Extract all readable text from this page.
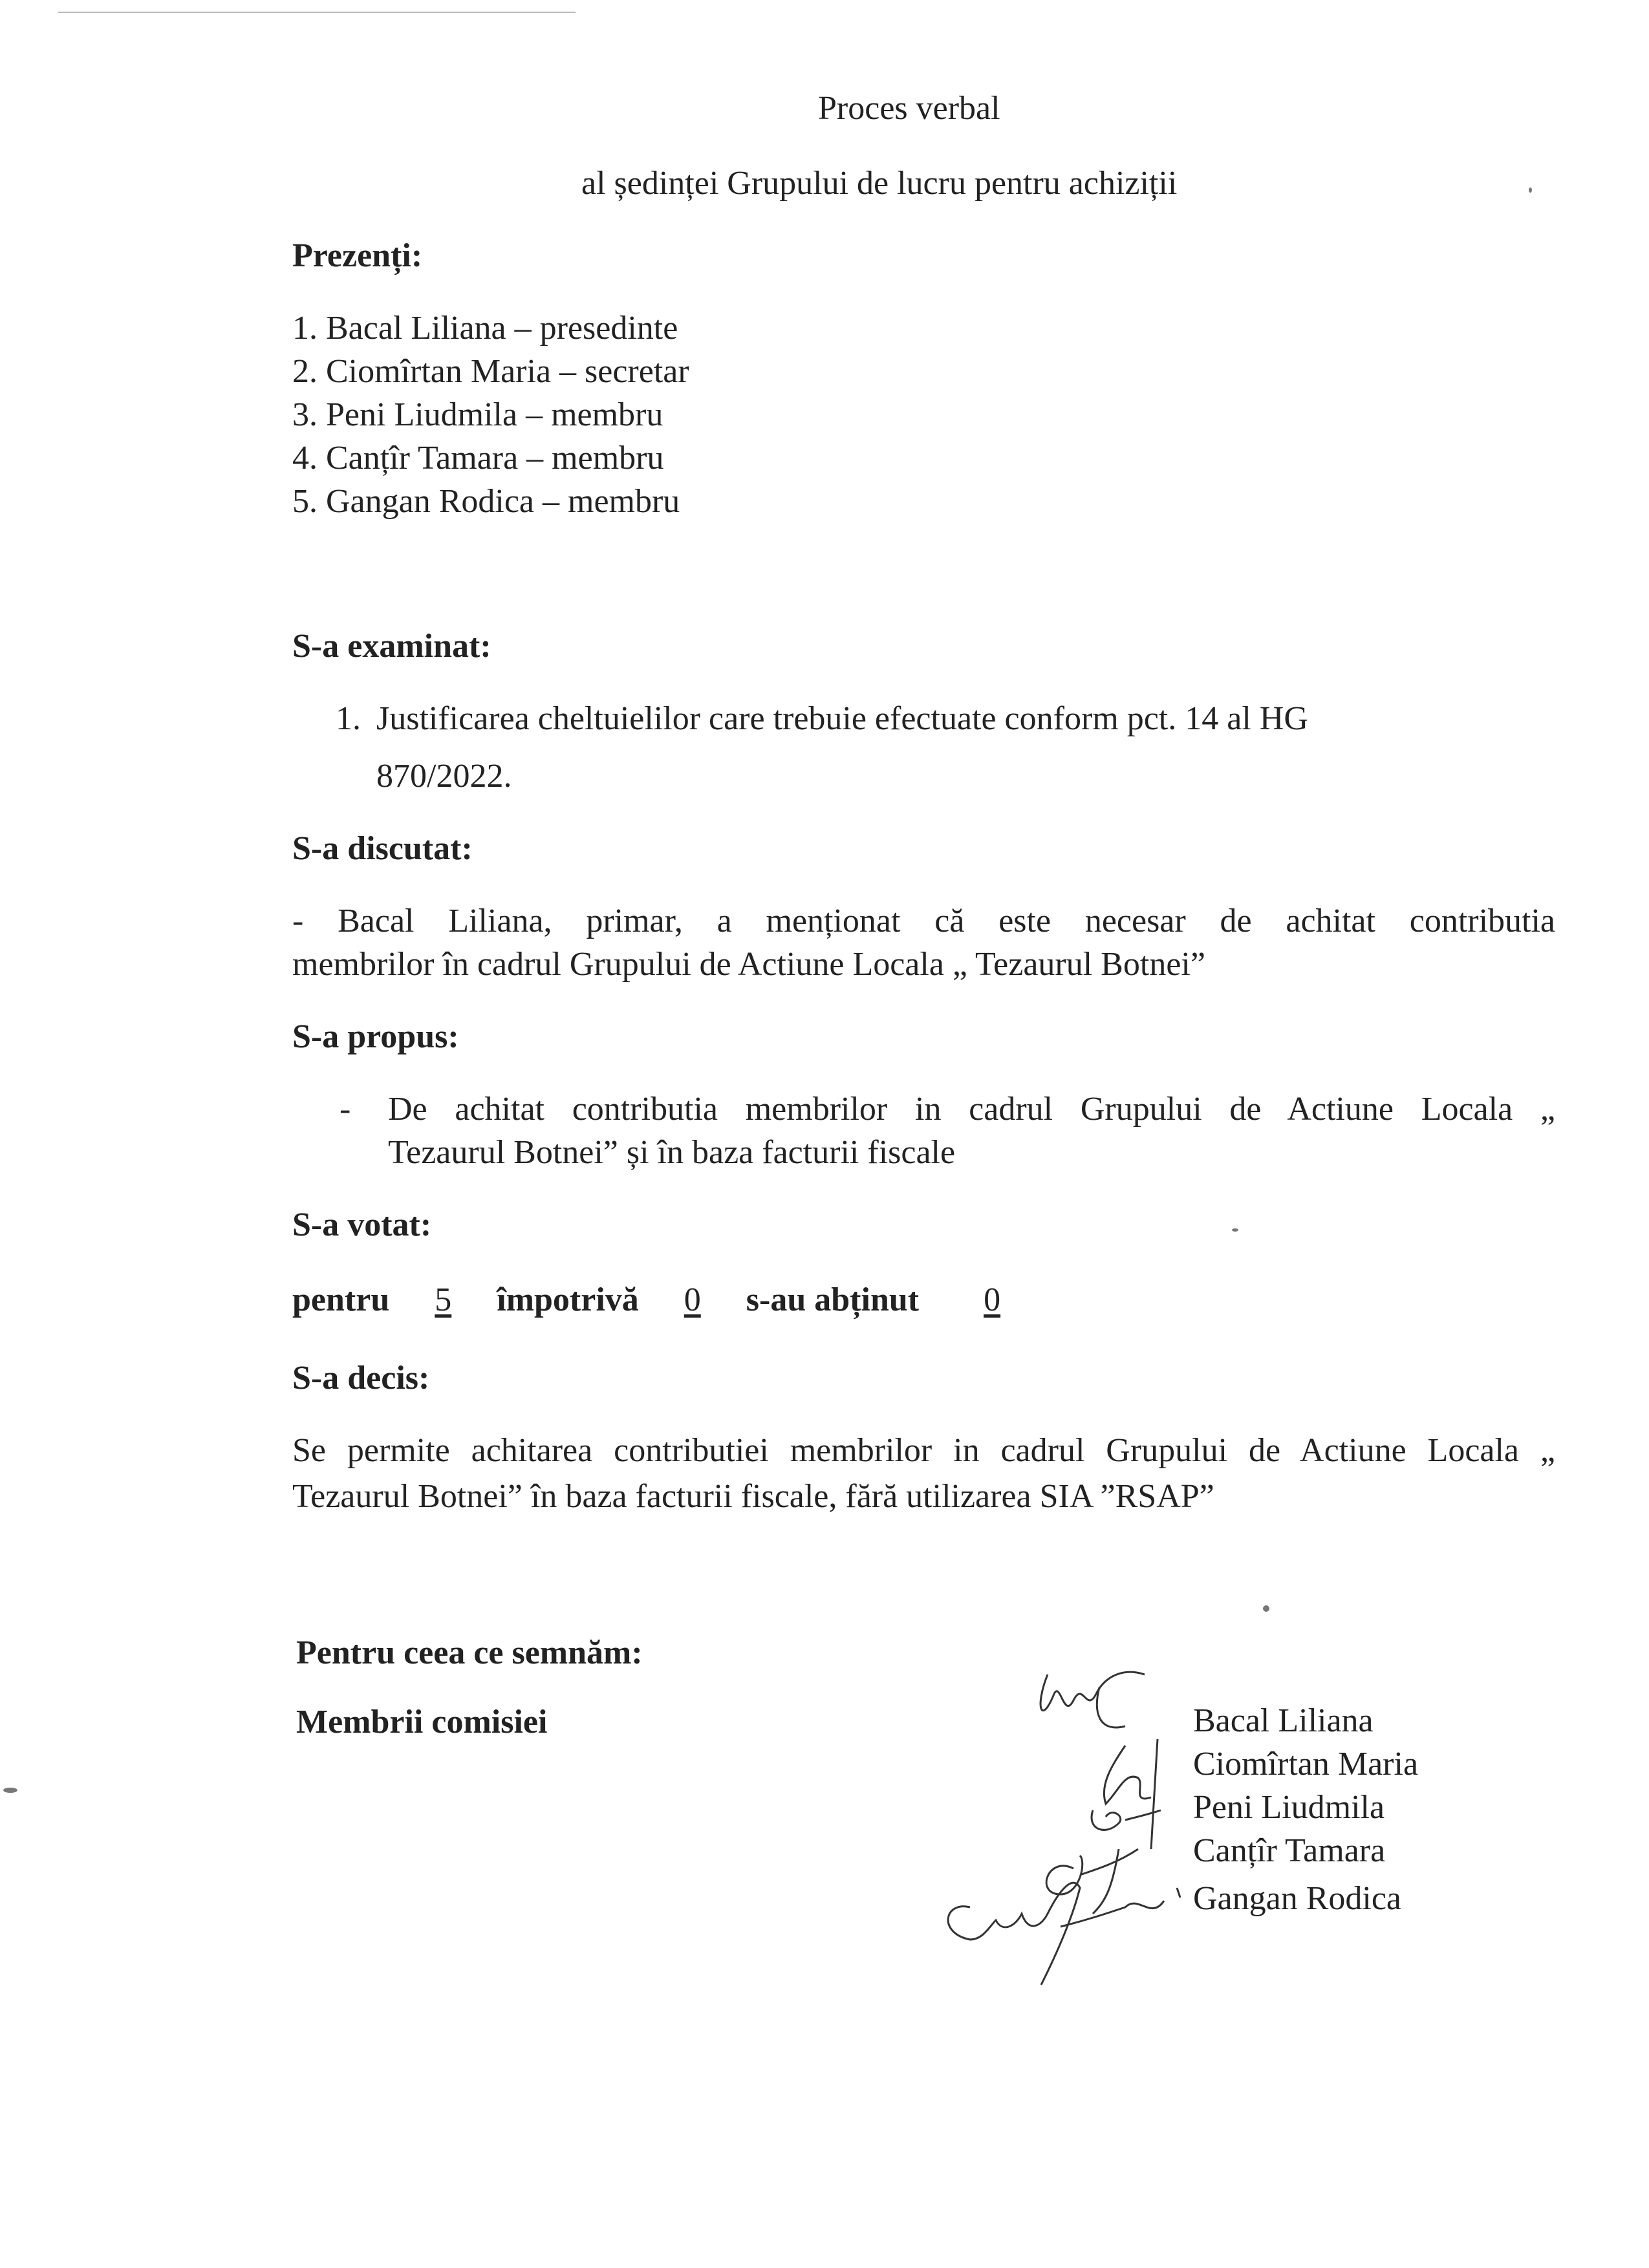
Proces verbal
al ședinței Grupului de lucru pentru achiziții
Prezenți:
1. Bacal Liliana – presedinte
2. Ciomîrtan Maria – secretar
3. Peni Liudmila – membru
4. Canțîr Tamara – membru
5. Gangan Rodica – membru
S-a examinat:
1. Justificarea cheltuielilor care trebuie efectuate conform pct. 14 al HG
870/2022.
S-a discutat:
- Bacal Liliana, primar, a menționat că este necesar de achitat contributia
membrilor în cadrul Grupului de Actiune Locala „ Tezaurul Botnei”
S-a propus:
- De achitat contributia membrilor in cadrul Grupului de Actiune Locala „
Tezaurul Botnei” și în baza facturii fiscale
S-a votat:
pentru 5 împotrivă 0 s-au abținut 0
S-a decis:
Se permite achitarea contributiei membrilor in cadrul Grupului de Actiune Locala „
Tezaurul Botnei” în baza facturii fiscale, fără utilizarea SIA ”RSAP”
Pentru ceea ce semnăm:
Membrii comisiei	Bacal Liliana
Ciomîrtan Maria
Peni Liudmila
Canțîr Tamara
Gangan Rodica
